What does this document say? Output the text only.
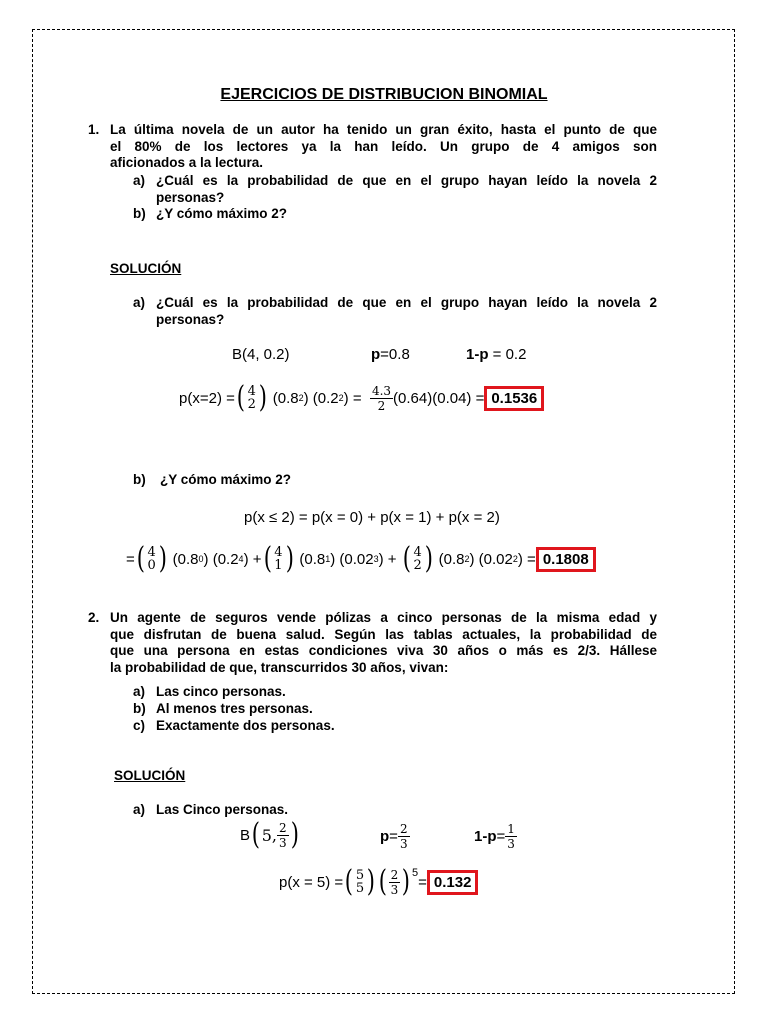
EJERCICIOS DE DISTRIBUCION BINOMIAL
1. La última novela de un autor ha tenido un gran éxito, hasta el punto de que
el 80% de los lectores ya la han leído. Un grupo de 4 amigos son
aficionados a la lectura.
a) ¿Cuál es la probabilidad de que en el grupo hayan leído la novela 2
personas?
b) ¿Y cómo máximo 2?
SOLUCIÓN
a) ¿Cuál es la probabilidad de que en el grupo hayan leído la novela 2
personas?
B(4, 0.2)	p=0.8	1-p = 0.2
p(x=2) = ( 4
2 )
(0.8 2 ) (0.2 2 ) =
$\frac{4.3}{2} (0.64)(0.04) = 0.1536$
b) ¿Y cómo máximo 2?
p(x ≤ 2) = p(x = 0) + p(x = 1) + p(x = 2)
= ( 4
0 )
(0.8 0 ) (0.2 4 ) + ( 4
1 )
(0.8 1 ) (0.02 3 ) +
( 4
2 )
(0.8 2 ) (0.02 2 ) = 0.1808
2. Un agente de seguros vende pólizas a cinco personas de la misma edad y
que disfrutan de buena salud. Según las tablas actuales, la probabilidad de
que una persona en estas condiciones viva 30 años o más es 2/3. Hállese
la probabilidad de que, transcurridos 30 años, vivan:
a) Las cinco personas.
b) Al menos tres personas.
c) Exactamente dos personas.
SOLUCIÓN
a) Las Cinco personas.
B ( 5, $\frac{2}{3}$ )	$p = \frac{2}{3}$	$1-p = \frac{1}{3}$
p(x = 5) = ( 5
5 ) ( $\frac{2}{3} )^5$
= 0.132
